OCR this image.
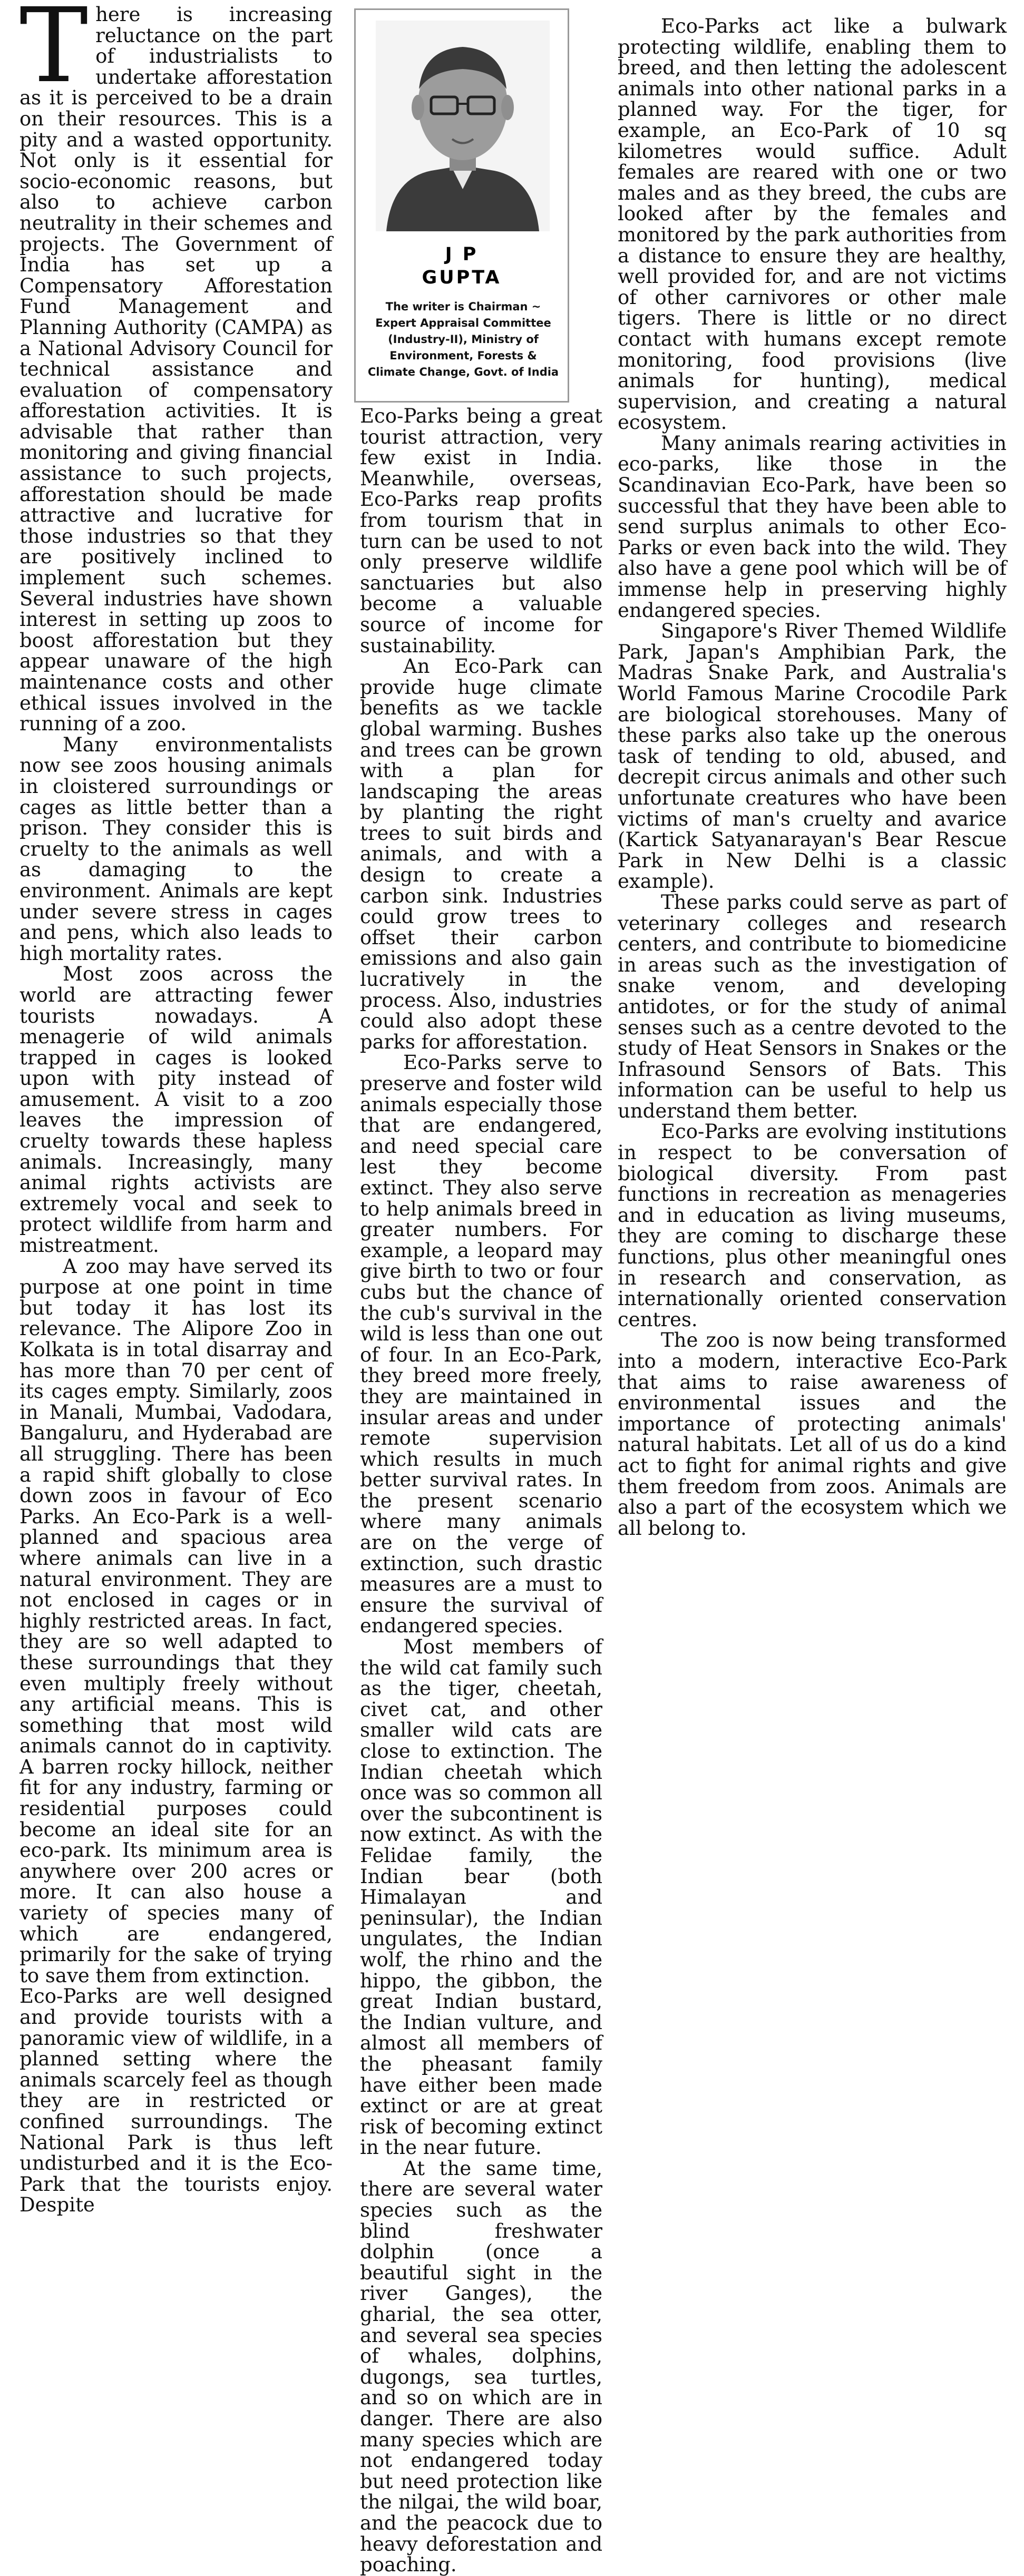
There is increasing reluctance on the part of industrialists to undertake afforestation as it is perceived to be a drain on their resources. This is a pity and a wasted opportunity. Not only is it essential for socio-economic reasons, but also to achieve carbon neutrality in their schemes and projects. The Government of India has set up a Compensatory Afforestation Fund Management and Planning Authority (CAMPA) as a National Advisory Council for technical assistance and evaluation of compensatory afforestation activities. It is advisable that rather than monitoring and giving financial assistance to such projects, afforestation should be made attractive and lucrative for those industries so that they are positively inclined to implement such schemes. Several industries have shown interest in setting up zoos to boost afforestation but they appear unaware of the high maintenance costs and other ethical issues involved in the running of a zoo.

Many environmentalists now see zoos housing animals in cloistered surroundings or cages as little better than a prison. They consider this is cruelty to the animals as well as damaging to the environment. Animals are kept under severe stress in cages and pens, which also leads to high mortality rates.

Most zoos across the world are attracting fewer tourists nowadays. A menagerie of wild animals trapped in cages is looked upon with pity instead of amusement. A visit to a zoo leaves the impression of cruelty towards these hapless animals. Increasingly, many animal rights activists are extremely vocal and seek to protect wildlife from harm and mistreatment.

A zoo may have served its purpose at one point in time but today it has lost its relevance. The Alipore Zoo in Kolkata is in total disarray and has more than 70 per cent of its cages empty. Similarly, zoos in Manali, Mumbai, Vadodara, Bangaluru, and Hyderabad are all struggling. There has been a rapid shift globally to close down zoos in favour of Eco Parks. An Eco-Park is a well-planned and spacious area where animals can live in a natural environment. They are not enclosed in cages or in highly restricted areas. In fact, they are so well adapted to these surroundings that they even multiply freely without any artificial means. This is something that most wild animals cannot do in captivity. A barren rocky hillock, neither fit for any industry, farming or residential purposes could become an ideal site for an eco-park. Its minimum area is anywhere over 200 acres or more. It can also house a variety of species many of which are endangered, primarily for the sake of trying to save them from extinction.

Eco-Parks are well designed and provide tourists with a panoramic view of wildlife, in a planned setting where the animals scarcely feel as though they are in restricted or confined surroundings. The National Park is thus left undisturbed and it is the Eco-Park that the tourists enjoy. Despite

J P
GUPTA
The writer is Chairman ~ Expert Appraisal Committee (Industry-II), Ministry of Environment, Forests & Climate Change, Govt. of India

Eco-Parks being a great tourist attraction, very few exist in India. Meanwhile, overseas, Eco-Parks reap profits from tourism that in turn can be used to not only preserve wildlife sanctuaries but also become a valuable source of income for sustainability.

An Eco-Park can provide huge climate benefits as we tackle global warming. Bushes and trees can be grown with a plan for landscaping the areas by planting the right trees to suit birds and animals, and with a design to create a carbon sink. Industries could grow trees to offset their carbon emissions and also gain lucratively in the process. Also, industries could also adopt these parks for afforestation.

Eco-Parks serve to preserve and foster wild animals especially those that are endangered, and need special care lest they become extinct. They also serve to help animals breed in greater numbers. For example, a leopard may give birth to two or four cubs but the chance of the cub's survival in the wild is less than one out of four. In an Eco-Park, they breed more freely, they are maintained in insular areas and under remote supervision which results in much better survival rates. In the present scenario where many animals are on the verge of extinction, such drastic measures are a must to ensure the survival of endangered species.

Most members of the wild cat family such as the tiger, cheetah, civet cat, and other smaller wild cats are close to extinction. The Indian cheetah which once was so common all over the subcontinent is now extinct. As with the Felidae family, the Indian bear (both Himalayan and peninsular), the Indian ungulates, the Indian wolf, the rhino and the hippo, the gibbon, the great Indian bustard, the Indian vulture, and almost all members of the pheasant family have either been made extinct or are at great risk of becoming extinct in the near future.

At the same time, there are several water species such as the blind freshwater dolphin (once a beautiful sight in the river Ganges), the gharial, the sea otter, and several sea species of whales, dolphins, dugongs, sea turtles, and so on which are in danger. There are also many species which are not endangered today but need protection like the nilgai, the wild boar, and the peacock due to heavy deforestation and poaching.

Eco-Parks act like a bulwark protecting wildlife, enabling them to breed, and then letting the adolescent animals into other national parks in a planned way. For the tiger, for example, an Eco-Park of 10 sq kilometres would suffice. Adult females are reared with one or two males and as they breed, the cubs are looked after by the females and monitored by the park authorities from a distance to ensure they are healthy, well provided for, and are not victims of other carnivores or other male tigers. There is little or no direct contact with humans except remote monitoring, food provisions (live animals for hunting), medical supervision, and creating a natural ecosystem.

Many animals rearing activities in eco-parks, like those in the Scandinavian Eco-Park, have been so successful that they have been able to send surplus animals to other Eco-Parks or even back into the wild. They also have a gene pool which will be of immense help in preserving highly endangered species.

Singapore's River Themed Wildlife Park, Japan's Amphibian Park, the Madras Snake Park, and Australia's World Famous Marine Crocodile Park are biological storehouses. Many of these parks also take up the onerous task of tending to old, abused, and decrepit circus animals and other such unfortunate creatures who have been victims of man's cruelty and avarice (Kartick Satyanarayan's Bear Rescue Park in New Delhi is a classic example).

These parks could serve as part of veterinary colleges and research centers, and contribute to biomedicine in areas such as the investigation of snake venom, and developing antidotes, or for the study of animal senses such as a centre devoted to the study of Heat Sensors in Snakes or the Infrasound Sensors of Bats. This information can be useful to help us understand them better.

Eco-Parks are evolving institutions in respect to be conversation of biological diversity. From past functions in recreation as menageries and in education as living museums, they are coming to discharge these functions, plus other meaningful ones in research and conservation, as internationally oriented conservation centres.

The zoo is now being transformed into a modern, interactive Eco-Park that aims to raise awareness of environmental issues and the importance of protecting animals' natural habitats. Let all of us do a kind act to fight for animal rights and give them freedom from zoos. Animals are also a part of the ecosystem which we all belong to.
